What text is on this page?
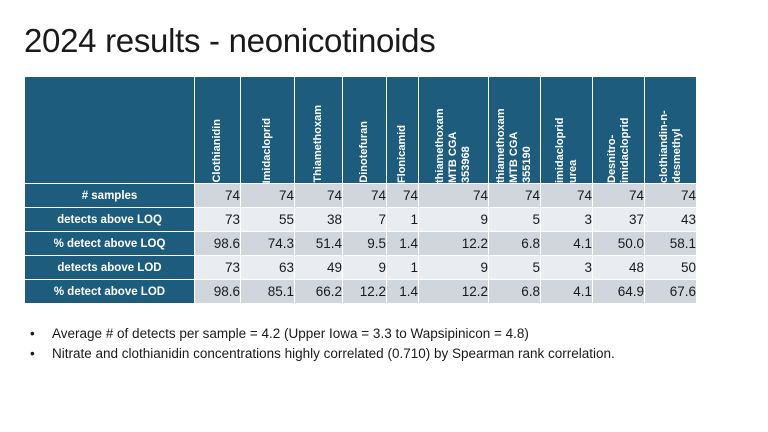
2024 results - neonicotinoids

	Clothianidin	Imidacloprid	Thiamethoxam	Dinotefuran	Flonicamid	thiamethoxam MTB CGA 353968	thiamethoxam MTB CGA 355190	imidacloprid urea	Desnitro-imidacloprid	clothiandin-n-desmethyl

# samples	74	74	74	74	74	74	74	74	74	74
detects above LOQ	73	55	38	7	1	9	5	3	37	43
% detect above LOQ	98.6	74.3	51.4	9.5	1.4	12.2	6.8	4.1	50.0	58.1
detects above LOD	73	63	49	9	1	9	5	3	48	50
% detect above LOD	98.6	85.1	66.2	12.2	1.4	12.2	6.8	4.1	64.9	67.6
• Average # of detects per sample = 4.2 (Upper Iowa = 3.3 to Wapsipinicon = 4.8)
• Nitrate and clothianidin concentrations highly correlated (0.710) by Spearman rank correlation.
